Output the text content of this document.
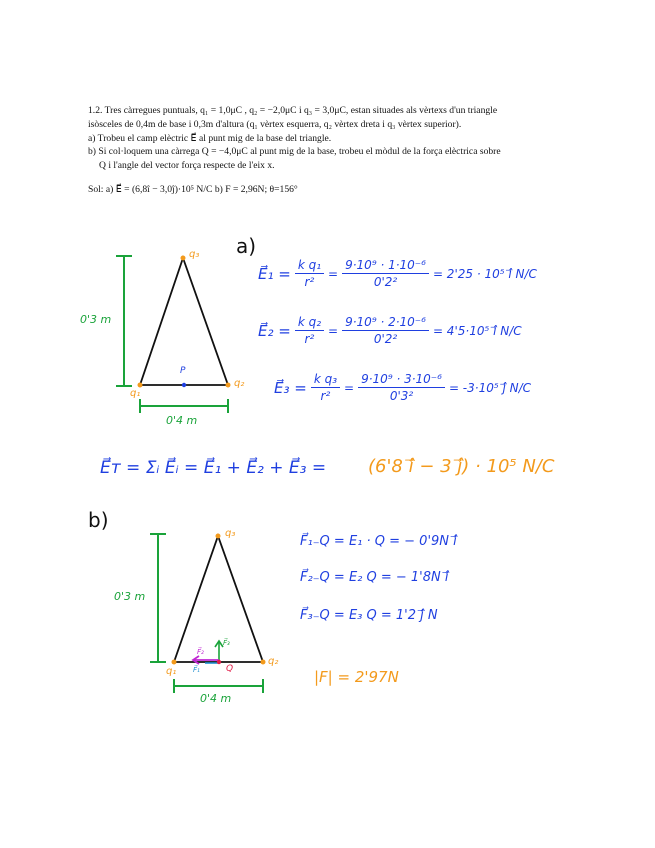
1.2. Tres càrregues puntuals, q₁ = 1,0μC , q₂ = −2,0μC i q₃ = 3,0μC, estan situades als vèrtexs d'un triangle

isòsceles de 0,4m de base i 0,3m d'altura (q₁ vèrtex esquerra, q₂ vèrtex dreta i q₃ vèrtex superior).

a) Trobeu el camp elèctric E⃗ al punt mig de la base del triangle.

b) Si col·loquem una càrrega Q = −4,0μC al punt mig de la base, trobeu el mòdul de la força elèctrica sobre

Q i l'angle del vector força respecte de l'eix x.

Sol: a) E⃗ = (6,8î − 3,0ĵ)·10⁵ N/C b) F = 2,96N; θ=156°

a)
q₃
q₁
q₂
P
0'3 m
0'4 m
E⃗₁ = $\frac{\text{k q₁}}{\text{r²}} = \frac{\text{9·10⁹ · 1·10⁻⁶}}{\text{0'2²}} = 2'25 \cdot 10^5$ î⃗ N/C
E⃗₂ = $\frac{\text{k q₂}}{\text{r²}} = \frac{\text{9·10⁹ · 2·10⁻⁶}}{\text{0'2²}} = 4'5\cdot 10^5$ î⃗ N/C
E⃗₃ = $\frac{\text{k q₃}}{\text{r²}} = \frac{\text{9·10⁹ · 3·10⁻⁶}}{\text{0'3²}} = -3\cdot 10^5$ ĵ⃗ N/C
E⃗ᴛ = Σᵢ E⃗ᵢ = E⃗₁ + E⃗₂ + E⃗₃ = (6'8 î⃗ − 3 ĵ⃗) · 10⁵ N/C
b)
q₃
q₁
q₂
Q
F⃗₃
F⃗₂
F⃗₁
0'3 m
0'4 m
F⃗₁₋Q = E₁ · Q = − 0'9N î⃗
F⃗₂₋Q = E₂ Q = − 1'8N î⃗
F⃗₃₋Q = E₃ Q = 1'2 ĵ⃗ N
|F| = 2'97N
